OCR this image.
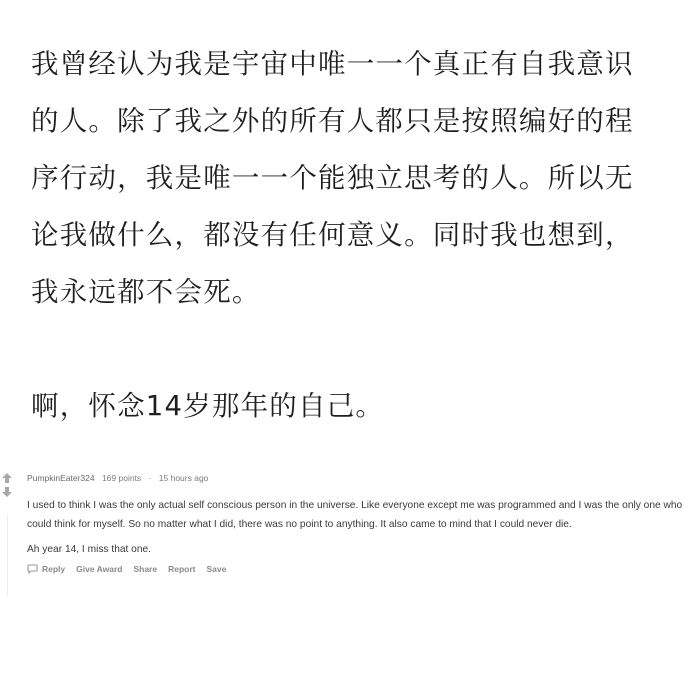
我曾经认为我是宇宙中唯一一个真正有自我意识的人。除了我之外的所有人都只是按照编好的程序行动，我是唯一一个能独立思考的人。所以无论我做什么，都没有任何意义。同时我也想到，我永远都不会死。

啊，怀念14岁那年的自己。

PumpkinEater324 169 points · 15 hours ago

I used to think I was the only actual self conscious person in the universe. Like everyone except me was programmed and I was the only one who could think for myself. So no matter what I did, there was no point to anything. It also came to mind that I could never die.

Ah year 14, I miss that one.

Reply Give Award Share Report Save
